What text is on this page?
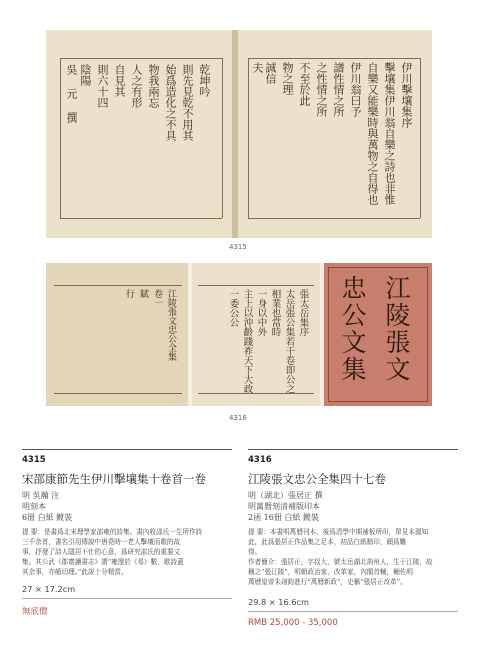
乾坤吟
則先見乾不用其
始爲造化之不具
物我兩忘
人之有形
自見其
則六十四
陰陽
吳 元 撰	伊川擊壤集序
擊壤集伊川翁自樂之詩也非惟
自樂又能樂時與萬物之自得也
伊川翁曰予
譜性情之所
之性情之所
不至於此
物之理
誠信
夫
4315
江陵張文忠公全集
卷一
賦
行	張太岳集序
太岳張公集若干卷即公之
相業也當時
一身以中外
主上以沖齡踐祚天下大政
一委公公	江陵張文
忠公文集
4316
4315
宋邵康節先生伊川擊壤集十卷首一卷
明 吳瀚 注
明刻本
6冊 白紙 鍍裝
提 要：是書爲北宋理學家邵雍的詩集。書內收邵氏一生所作詩
三千余首，書名引用傳說中唐堯時一老人擊壤而歌的故
事，抒發了詩人隱居不仕的心意，爲研究邵氏的重要文
集。其公武《郡齋讀書志》謂“雍邃於《易》數，歌詩蓋
其余事，亦頗切理。”此説十分精當。
27 × 17.2cm
無底價
4316
江陵張文忠公全集四十七卷
明（湖北）張居正 撰
明萬曆刻清補版印本
2函 16冊 白紙 鍍裝
提 要：本書明萬曆刊本，後爲清學中期補板所印，單見本源知
此，此爲張居正作品集之足本，初品白紙精印，頗爲難
得。
作者簡介：張居正，字叔大，號太岳湖北荊州人，生于江陵，故
稱之“張江陵”，明朝政治家，改革家，內閣首輔，輔佐明
萬曆皇帝朱翊鈞進行“萬曆新政”，史稱“張居正改革”。
29.8 × 16.6cm
RMB 25,000 - 35,000
